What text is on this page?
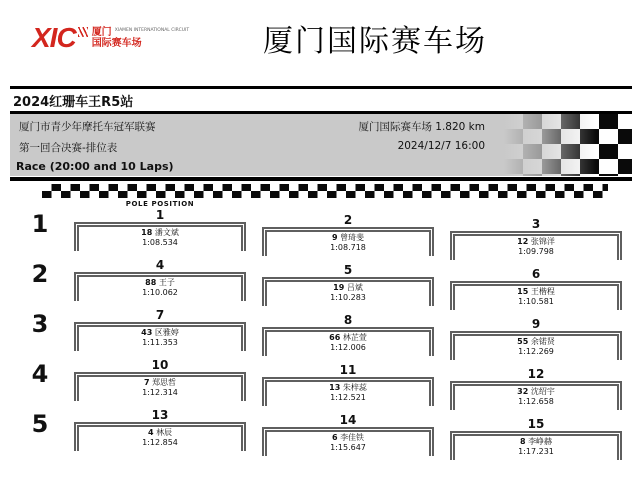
XIC 厦门 XIAMEN INTERNATIONAL CIRCUIT
国际赛车场	厦门国际赛车场
2024红珊车王R5站
厦门市青少年摩托车冠军联赛
第一回合决赛-排位表
Race (20:00 and 10 Laps)
厦门国际赛车场 1.820 km
2024/12/7 16:00
POLE POSITION
1	1
18 潘文斌
1:08.534
2
9 曾琦斐
1:08.718
3
12 张锦洋
1:09.798
2	4
88 王子
1:10.062
5
19 吕斌
1:10.283
6
15 王楷程
1:10.581
3	7
43 区雅婷
1:11.353
8
66 林芷萱
1:12.006
9
55 余锘贤
1:12.269
4	10
7 郑思哲
1:12.314
11
13 朱梓蕊
1:12.521
12
32 沈绍宇
1:12.658
5	13
4 林辰
1:12.854
14
6 李佳铁
1:15.647
15
8 李峥赫
1:17.231
